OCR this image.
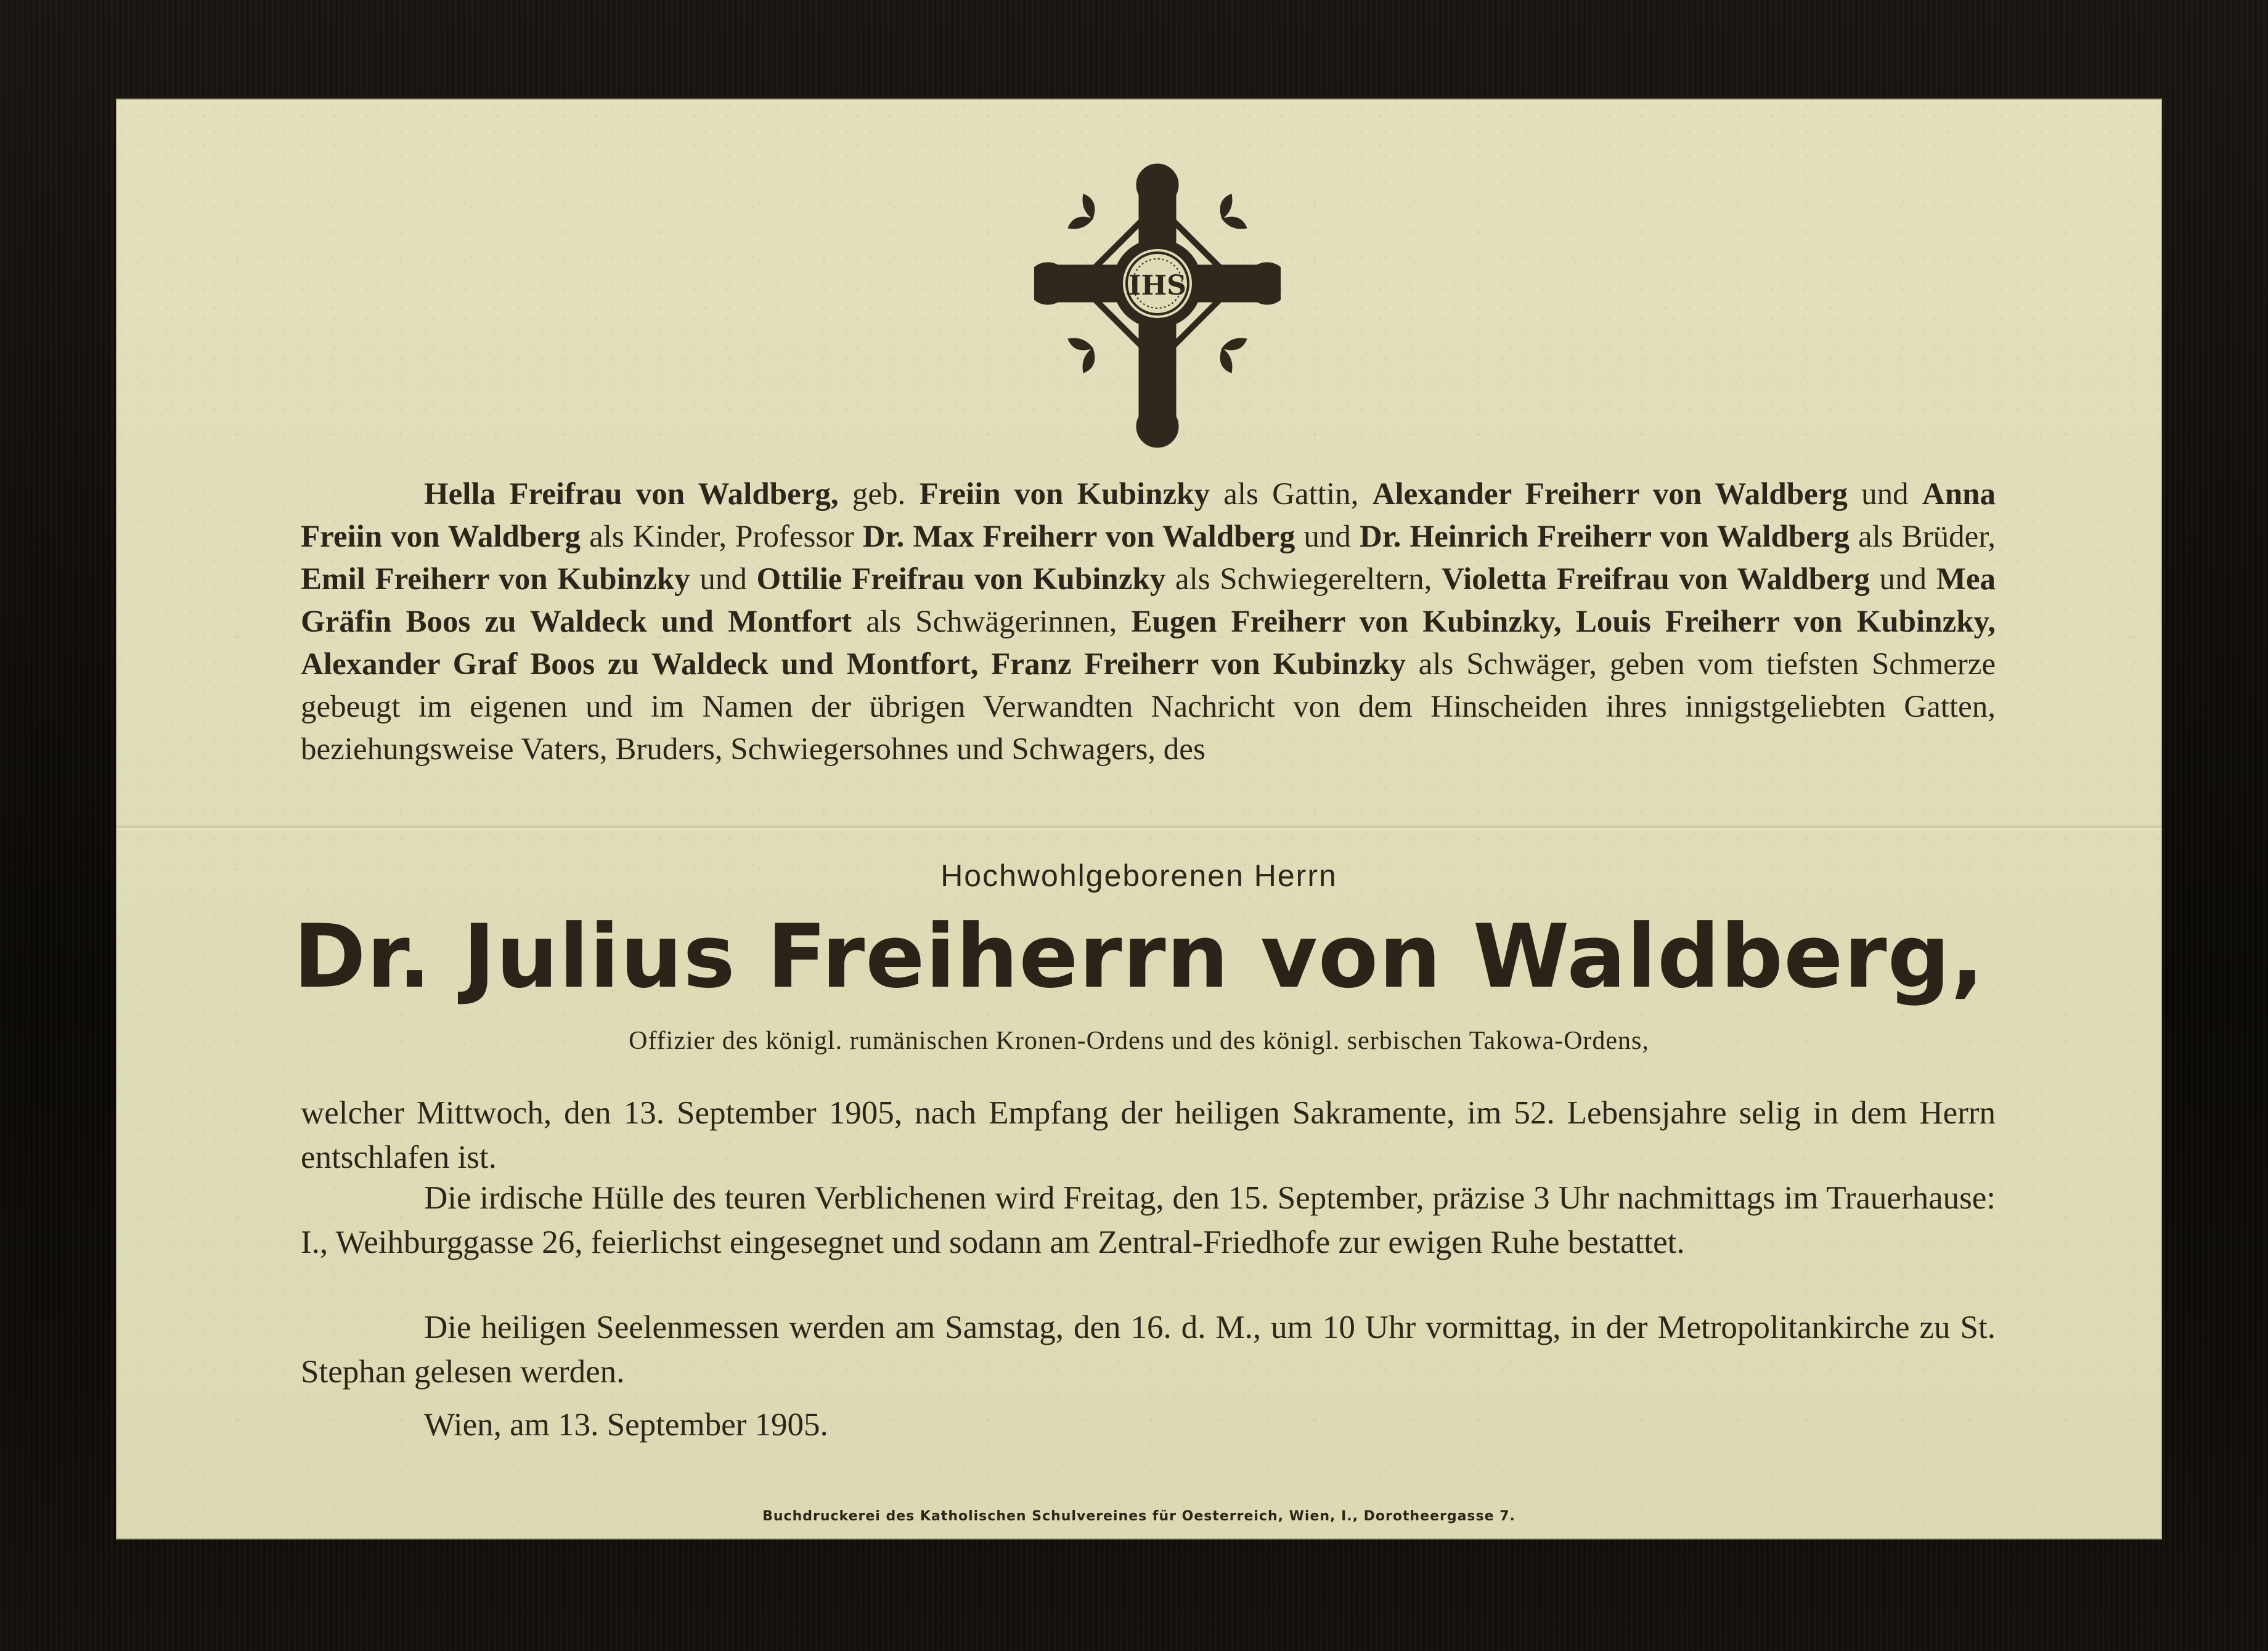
IHS
Hella Freifrau von Waldberg, geb. Freiin von Kubinzky als Gattin, Alexander Freiherr von Waldberg und Anna Freiin von Waldberg als Kinder, Professor Dr. Max Freiherr von Waldberg und Dr. Heinrich Freiherr von Waldberg als Brüder, Emil Freiherr von Kubinzky und Ottilie Freifrau von Kubinzky als Schwiegereltern, Violetta Freifrau von Waldberg und Mea Gräfin Boos zu Waldeck und Montfort als Schwägerinnen, Eugen Freiherr von Kubinzky, Louis Freiherr von Kubinzky, Alexander Graf Boos zu Waldeck und Montfort, Franz Freiherr von Kubinzky als Schwäger, geben vom tiefsten Schmerze gebeugt im eigenen und im Namen der übrigen Verwandten Nachricht von dem Hinscheiden ihres innigstgeliebten Gatten, beziehungsweise Vaters, Bruders, Schwiegersohnes und Schwagers, des
Hochwohlgeborenen Herrn
Dr. Julius Freiherrn von Waldberg,
Offizier des königl. rumänischen Kronen-Ordens und des königl. serbischen Takowa-Ordens,
welcher Mittwoch, den 13. September 1905, nach Empfang der heiligen Sakramente, im 52. Lebensjahre selig in dem Herrn entschlafen ist.
Die irdische Hülle des teuren Verblichenen wird Freitag, den 15. September, präzise 3 Uhr nachmittags im Trauerhause: I., Weihburggasse 26, feierlichst eingesegnet und sodann am Zentral-Friedhofe zur ewigen Ruhe bestattet.
Die heiligen Seelenmessen werden am Samstag, den 16. d. M., um 10 Uhr vormittag, in der Metropolitankirche zu St. Stephan gelesen werden.
Wien, am 13. September 1905.
Buchdruckerei des Katholischen Schulvereines für Oesterreich, Wien, I., Dorotheergasse 7.
